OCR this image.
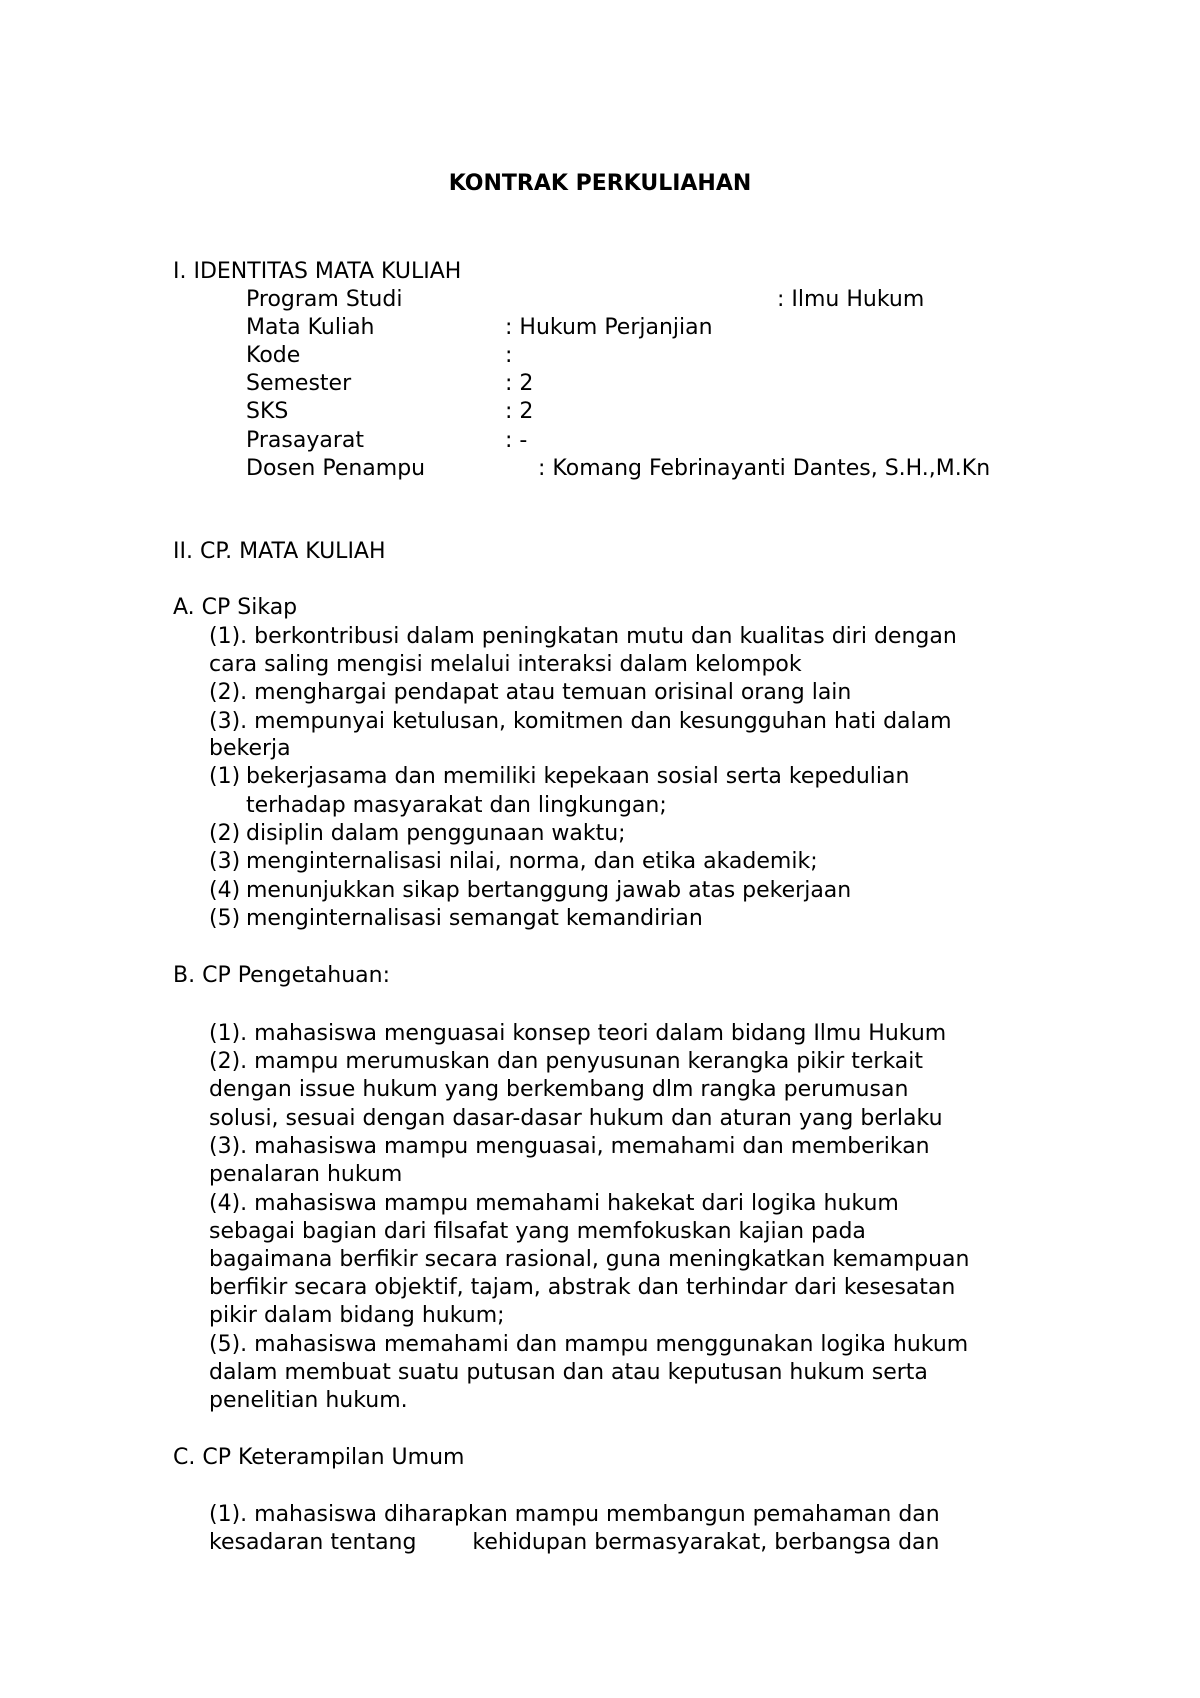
KONTRAK PERKULIAHAN
I. IDENTITAS MATA KULIAH
Program Studi	: Ilmu Hukum
Mata Kuliah	: Hukum Perjanjian
Kode	:
Semester	: 2
SKS	: 2
Prasayarat	: -
Dosen Penampu	: Komang Febrinayanti Dantes, S.H.,M.Kn
II. CP. MATA KULIAH
A. CP Sikap
(1). berkontribusi dalam peningkatan mutu dan kualitas diri dengan
cara saling mengisi melalui interaksi dalam kelompok
(2). menghargai pendapat atau temuan orisinal orang lain
(3). mempunyai ketulusan, komitmen dan kesungguhan hati dalam
bekerja
(1) bekerjasama dan memiliki kepekaan sosial serta kepedulian
terhadap masyarakat dan lingkungan;
(2) disiplin dalam penggunaan waktu;
(3) menginternalisasi nilai, norma, dan etika akademik;
(4) menunjukkan sikap bertanggung jawab atas pekerjaan
(5) menginternalisasi semangat kemandirian
B. CP Pengetahuan:
(1). mahasiswa menguasai konsep teori dalam bidang Ilmu Hukum
(2). mampu merumuskan dan penyusunan kerangka pikir terkait
dengan issue hukum yang berkembang dlm rangka perumusan
solusi, sesuai dengan dasar-dasar hukum dan aturan yang berlaku
(3). mahasiswa mampu menguasai, memahami dan memberikan
penalaran hukum
(4). mahasiswa mampu memahami hakekat dari logika hukum
sebagai bagian dari filsafat yang memfokuskan kajian pada
bagaimana berfikir secara rasional, guna meningkatkan kemampuan
berfikir secara objektif, tajam, abstrak dan terhindar dari kesesatan
pikir dalam bidang hukum;
(5). mahasiswa memahami dan mampu menggunakan logika hukum
dalam membuat suatu putusan dan atau keputusan hukum serta
penelitian hukum.
C. CP Keterampilan Umum
(1). mahasiswa diharapkan mampu membangun pemahaman dan
kesadaran tentang        kehidupan bermasyarakat, berbangsa dan
